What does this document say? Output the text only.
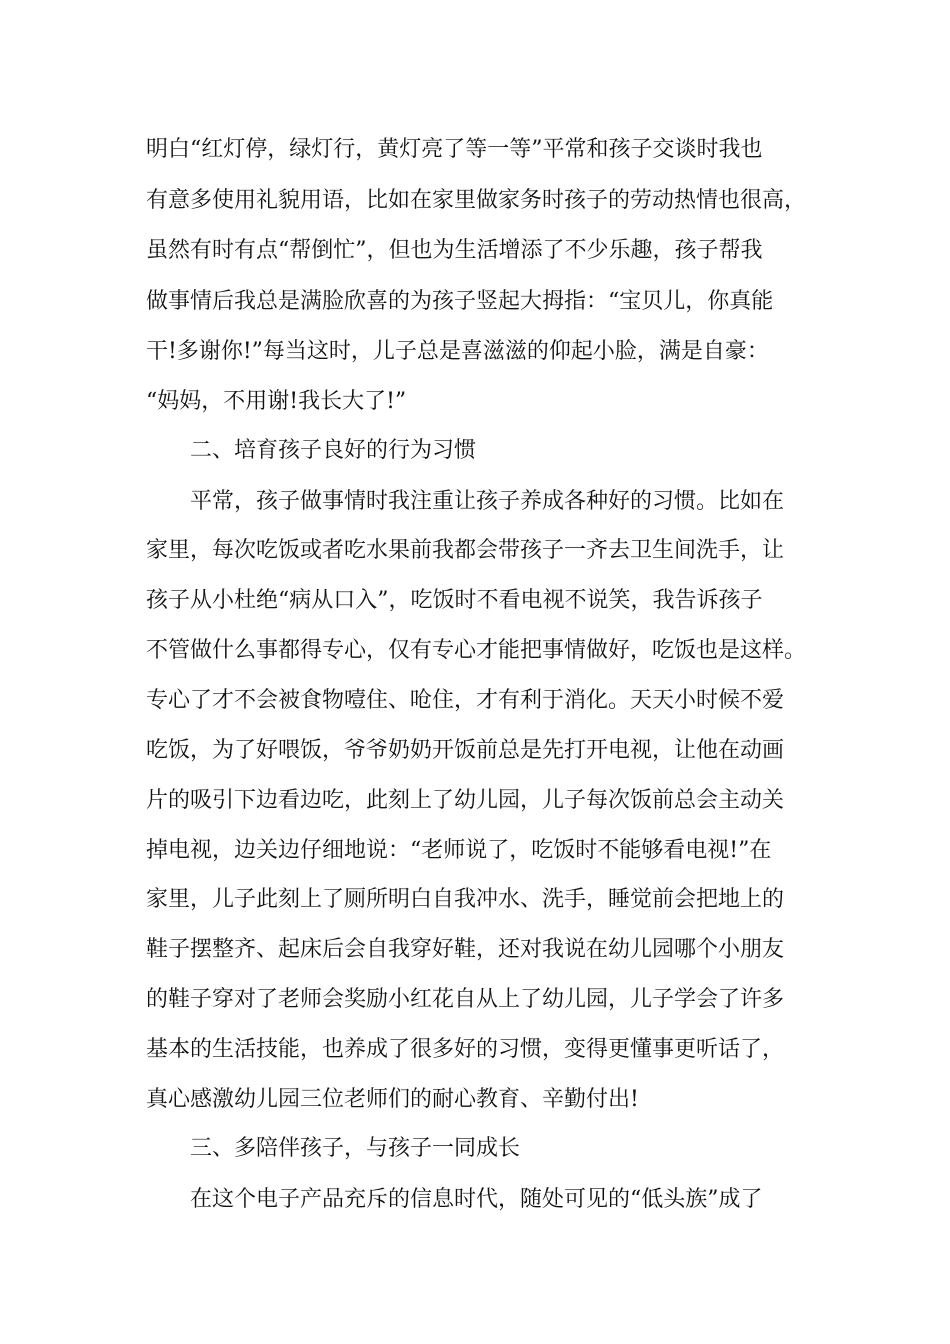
明白“红灯停，绿灯行，黄灯亮了等一等”平常和孩子交谈时我也
有意多使用礼貌用语，比如在家里做家务时孩子的劳动热情也很高，
虽然有时有点“帮倒忙”，但也为生活增添了不少乐趣，孩子帮我
做事情后我总是满脸欣喜的为孩子竖起大拇指：“宝贝儿，你真能
干!多谢你!”每当这时，儿子总是喜滋滋的仰起小脸，满是自豪：
“妈妈，不用谢!我长大了!”
二、培育孩子良好的行为习惯
平常，孩子做事情时我注重让孩子养成各种好的习惯。比如在
家里，每次吃饭或者吃水果前我都会带孩子一齐去卫生间洗手，让
孩子从小杜绝“病从口入”，吃饭时不看电视不说笑，我告诉孩子
不管做什么事都得专心，仅有专心才能把事情做好，吃饭也是这样。
专心了才不会被食物噎住、呛住，才有利于消化。天天小时候不爱
吃饭，为了好喂饭，爷爷奶奶开饭前总是先打开电视，让他在动画
片的吸引下边看边吃，此刻上了幼儿园，儿子每次饭前总会主动关
掉电视，边关边仔细地说：“老师说了，吃饭时不能够看电视!”在
家里，儿子此刻上了厕所明白自我冲水、洗手，睡觉前会把地上的
鞋子摆整齐、起床后会自我穿好鞋，还对我说在幼儿园哪个小朋友
的鞋子穿对了老师会奖励小红花自从上了幼儿园，儿子学会了许多
基本的生活技能，也养成了很多好的习惯，变得更懂事更听话了，
真心感激幼儿园三位老师们的耐心教育、辛勤付出!
三、多陪伴孩子，与孩子一同成长
在这个电子产品充斥的信息时代，随处可见的“低头族”成了
